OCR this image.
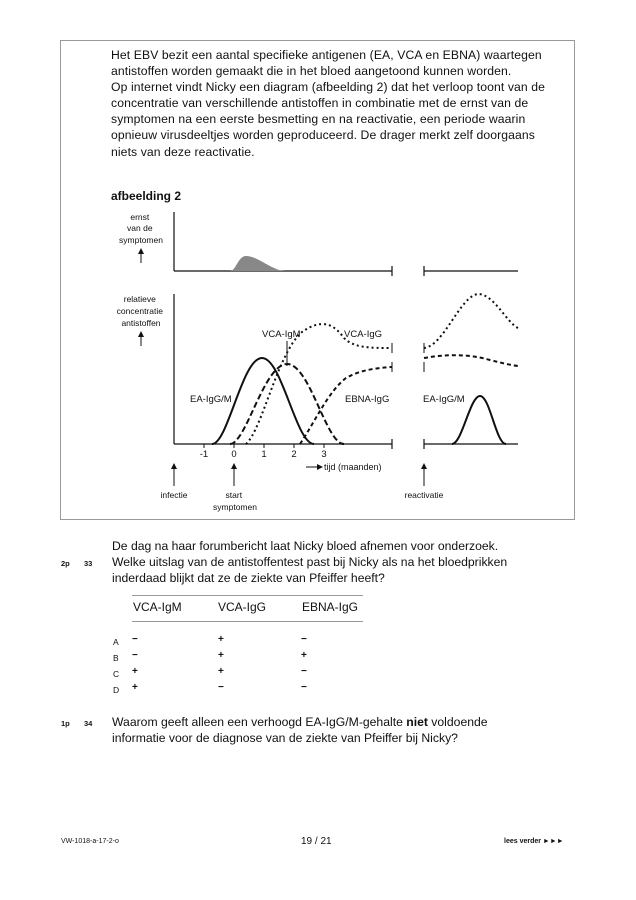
Het EBV bezit een aantal specifieke antigenen (EA, VCA en EBNA) waartegen antistoffen worden gemaakt die in het bloed aangetoond kunnen worden.

Op internet vindt Nicky een diagram (afbeelding 2) dat het verloop toont van de concentratie van verschillende antistoffen in combinatie met de ernst van de symptomen na een eerste besmetting en na reactivatie, een periode waarin opnieuw virusdeeltjes worden geproduceerd. De drager merkt zelf doorgaans niets van deze reactivatie.

afbeelding 2
ernst van de symptomen
relatieve concentratie antistoffen
VCA-IgM	VCA-IgG
EA-IgG/M	EBNA-IgG	EA-IgG/M
-1 0	1	2	3
tijd (maanden)
infectie	start symptomen
reactivatie
De dag na haar forumbericht laat Nicky bloed afnemen voor onderzoek.
2p 33 Welke uitslag van de antistoffentest past bij Nicky als na het bloedprikken
inderdaad blijkt dat ze de ziekte van Pfeiffer heeft?
VCA-IgM	VCA-IgG	EBNA-IgG
A −	+	−
B −	+	+
C +	+	−
D +	−	−
1p 34 Waarom geeft alleen een verhoogd EA-IgG/M-gehalte niet voldoende
informatie voor de diagnose van de ziekte van Pfeiffer bij Nicky?
VW-1018-a-17-2-o	19 / 21	lees verder ►►►
